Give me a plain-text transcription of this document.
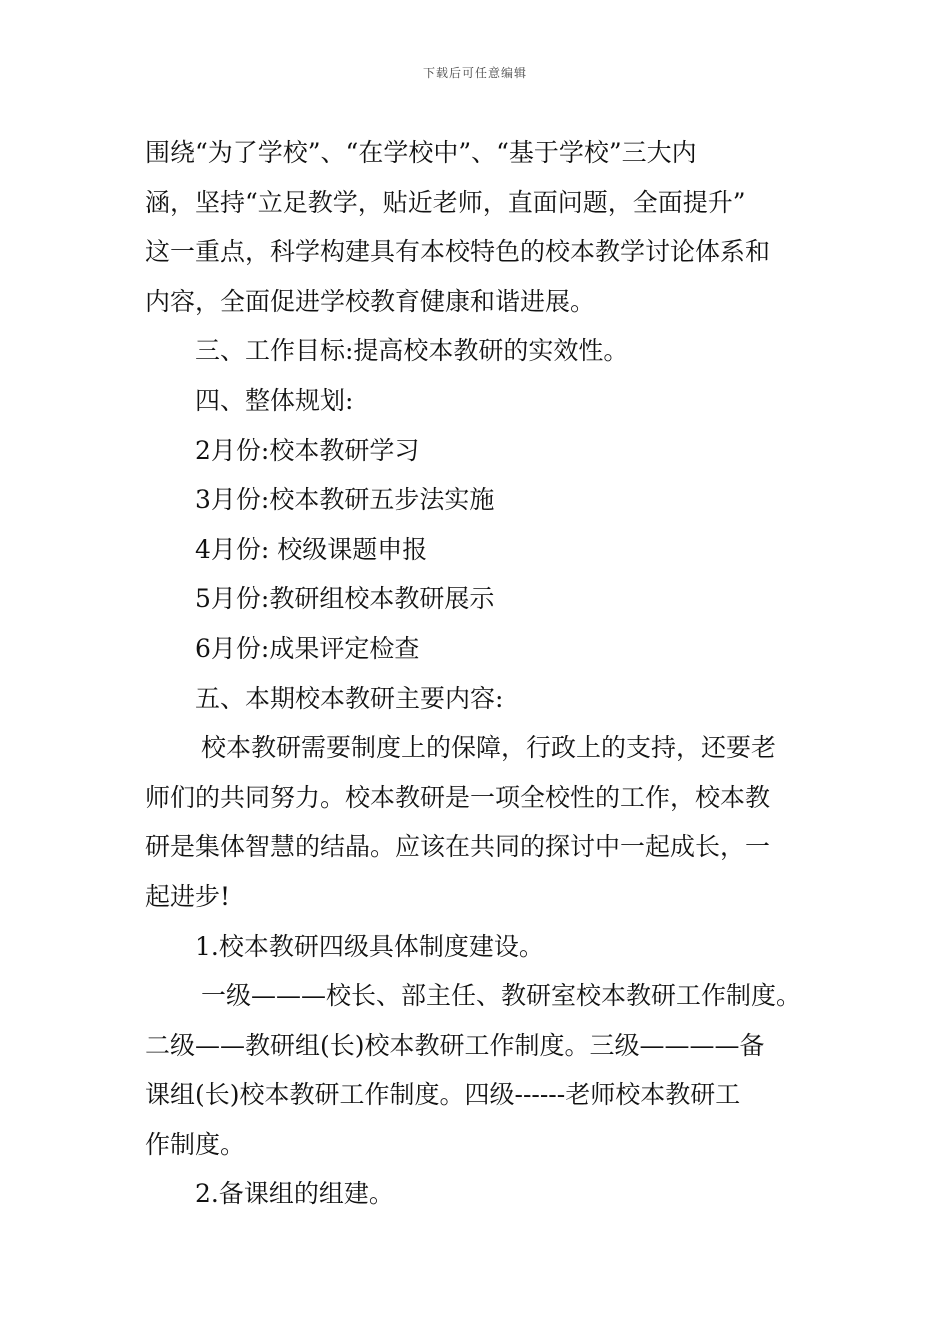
下载后可任意编辑
围绕“为了学校”、“在学校中”、“基于学校”三大内
涵，坚持“立足教学，贴近老师，直面问题，全面提升”
这一重点，科学构建具有本校特色的校本教学讨论体系和
内容，全面促进学校教育健康和谐进展。
三、工作目标:提高校本教研的实效性。
四、整体规划:
2月份:校本教研学习
3月份:校本教研五步法实施
4月份: 校级课题申报
5月份:教研组校本教研展示
6月份:成果评定检查
五、本期校本教研主要内容:
校本教研需要制度上的保障，行政上的支持，还要老
师们的共同努力。校本教研是一项全校性的工作，校本教
研是集体智慧的结晶。应该在共同的探讨中一起成长，一
起进步!
1.校本教研四级具体制度建设。
一级———校长、部主任、教研室校本教研工作制度。
二级——教研组(长)校本教研工作制度。三级————备
课组(长)校本教研工作制度。四级------老师校本教研工
作制度。
2.备课组的组建。
